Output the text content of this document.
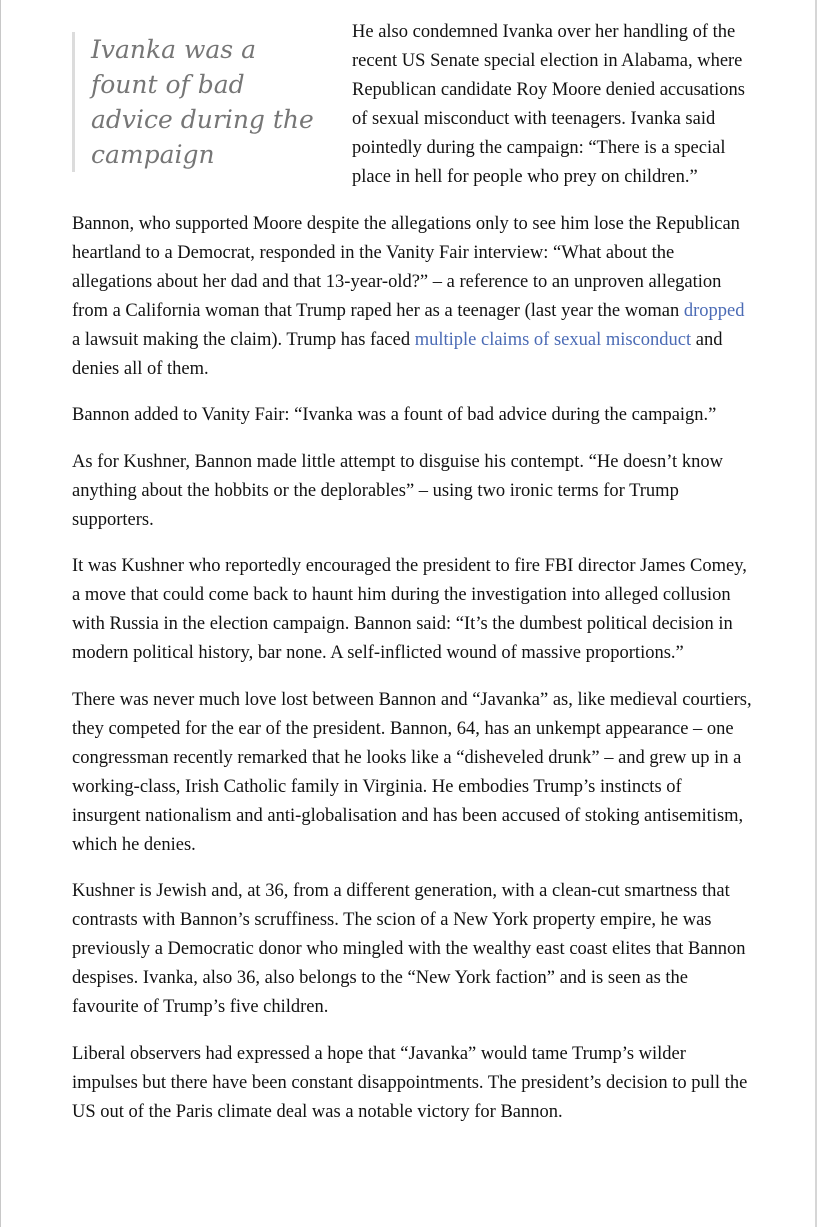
Ivanka was a fount of bad advice during the campaign

He also condemned Ivanka over her handling of the recent US Senate special election in Alabama, where Republican candidate Roy Moore denied accusations of sexual misconduct with teenagers. Ivanka said pointedly during the campaign: “There is a special place in hell for people who prey on children.”

Bannon, who supported Moore despite the allegations only to see him lose the Republican heartland to a Democrat, responded in the Vanity Fair interview: “What about the allegations about her dad and that 13-year-old?” – a reference to an unproven allegation from a California woman that Trump raped her as a teenager (last year the woman dropped a lawsuit making the claim). Trump has faced multiple claims of sexual misconduct and denies all of them.

Bannon added to Vanity Fair: “Ivanka was a fount of bad advice during the campaign.”

As for Kushner, Bannon made little attempt to disguise his contempt. “He doesn’t know anything about the hobbits or the deplorables” – using two ironic terms for Trump supporters.

It was Kushner who reportedly encouraged the president to fire FBI director James Comey, a move that could come back to haunt him during the investigation into alleged collusion with Russia in the election campaign. Bannon said: “It’s the dumbest political decision in modern political history, bar none. A self-inflicted wound of massive proportions.”

There was never much love lost between Bannon and “Javanka” as, like medieval courtiers, they competed for the ear of the president. Bannon, 64, has an unkempt appearance – one congressman recently remarked that he looks like a “disheveled drunk” – and grew up in a working-class, Irish Catholic family in Virginia. He embodies Trump’s instincts of insurgent nationalism and anti-globalisation and has been accused of stoking antisemitism, which he denies.

Kushner is Jewish and, at 36, from a different generation, with a clean-cut smartness that contrasts with Bannon’s scruffiness. The scion of a New York property empire, he was previously a Democratic donor who mingled with the wealthy east coast elites that Bannon despises. Ivanka, also 36, also belongs to the “New York faction” and is seen as the favourite of Trump’s five children.

Liberal observers had expressed a hope that “Javanka” would tame Trump’s wilder impulses but there have been constant disappointments. The president’s decision to pull the US out of the Paris climate deal was a notable victory for Bannon.
